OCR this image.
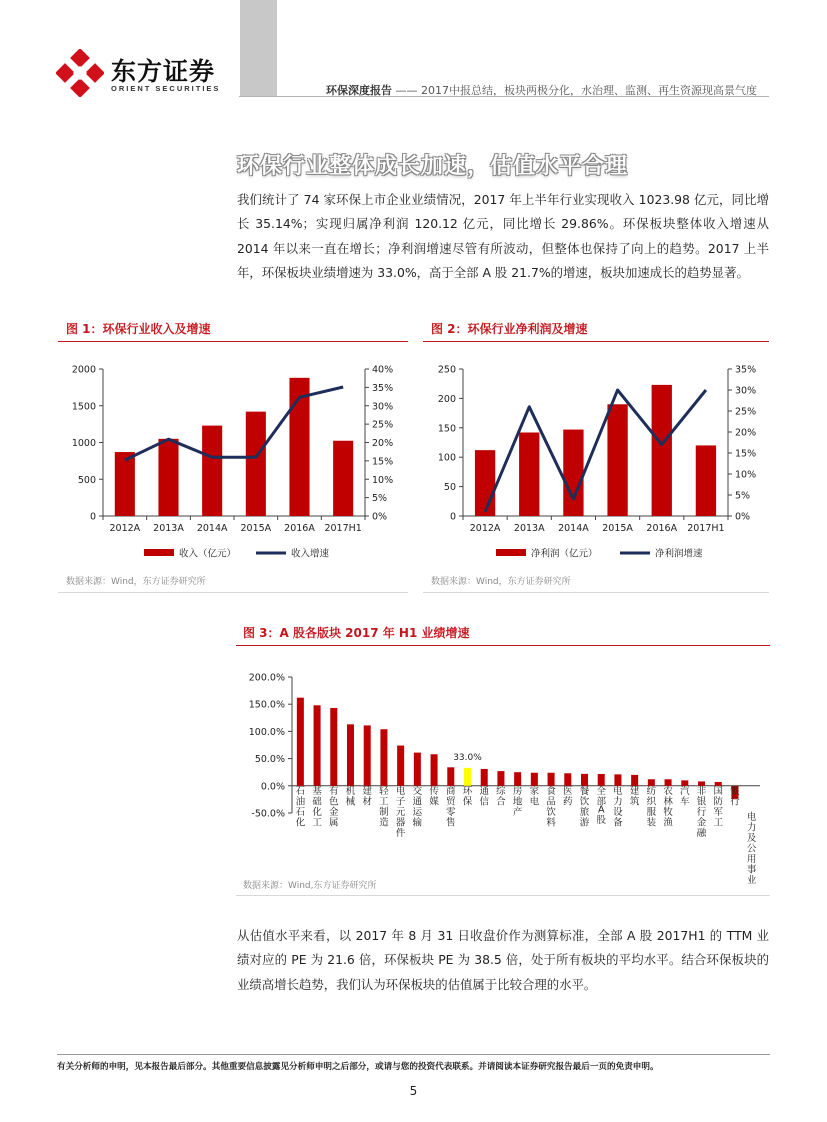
东方证券
ORIENT SECURITIES	环保深度报告 —— 2017中报总结，板块两极分化，水治理、监测、再生资源现高景气度
环保行业整体成长加速，估值水平合理
我们统计了 74 家环保上市企业业绩情况，2017 年上半年行业实现收入 1023.98 亿元，同比增长 35.14%；实现归属净利润 120.12 亿元，同比增长 29.86%。环保板块整体收入增速从 2014 年以来一直在增长；净利润增速尽管有所波动，但整体也保持了向上的趋势。2017 上半年，环保板块业绩增速为 33.0%，高于全部 A 股 21.7%的增速，板块加速成长的趋势显著。
图 1：环保行业收入及增速
0
500
1000
1500
2000
0%
5%
10%
15%
20%
25%
30%
35%
40%
2012A 2013A 2014A 2015A 2016A 2017H1
收入（亿元）	收入增速
数据来源：Wind，东方证券研究所
图 2：环保行业净利润及增速
0
50
100
150
200
250
0%
5%
10%
15%
20%
25%
30%
35%
2012A 2013A 2014A 2015A 2016A 2017H1
净利润（亿元）	净利润增速
数据来源：Wind，东方证券研究所
图 3：A 股各版块 2017 年 H1 业绩增速
-50.0%
0.0%
50.0%
100.0%
150.0%
200.0%
33.0%
石油石化
基础化工
有色金属
机械
建材
轻工制造
电子元器件
交通运输
传媒
商贸零售
环保
通信
综合
房地产
家电
食品饮料
医药
餐饮旅游
全部 A 股
电力设备
建筑
纺织服装
农林牧渔
汽车
非银行金融
国防军工
银行
电力及公用事业
数据来源：Wind,东方证券研究所
从估值水平来看，以 2017 年 8 月 31 日收盘价作为测算标准，全部 A 股 2017H1 的 TTM 业绩对应的 PE 为 21.6 倍，环保板块 PE 为 38.5 倍，处于所有板块的平均水平。结合环保板块的业绩高增长趋势，我们认为环保板块的估值属于比较合理的水平。
有关分析师的申明，见本报告最后部分。其他重要信息披露见分析师申明之后部分，或请与您的投资代表联系。并请阅读本证券研究报告最后一页的免责申明。
5
